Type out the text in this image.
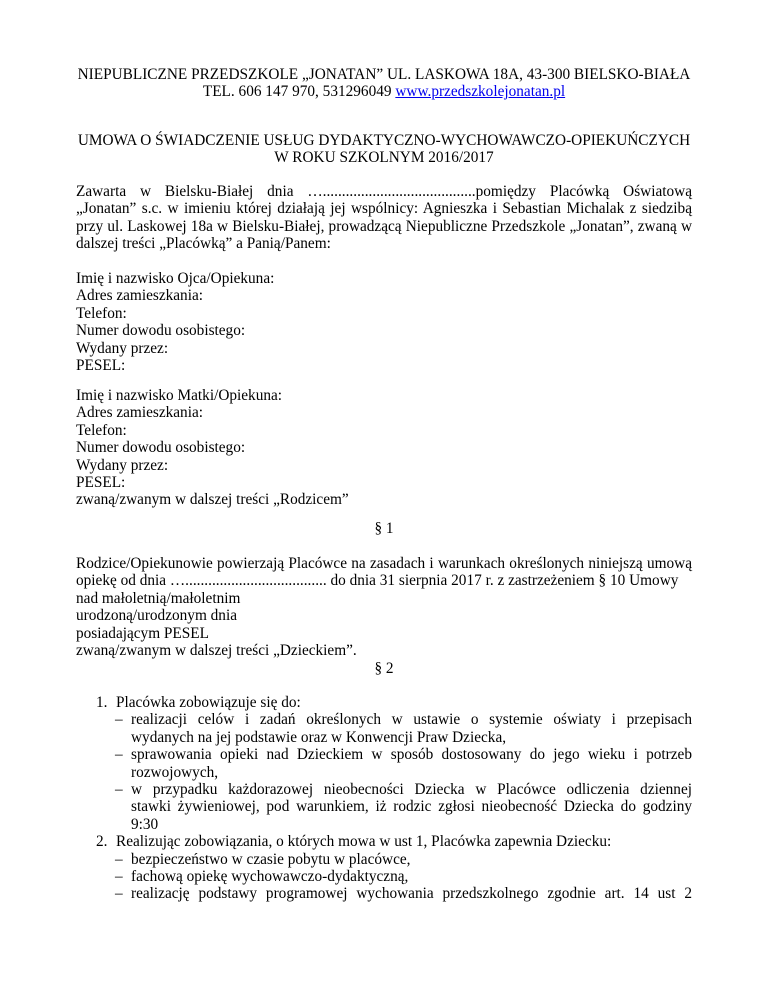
NIEPUBLICZNE PRZEDSZKOLE „JONATAN” UL. LASKOWA 18A, 43-300 BIELSKO-BIAŁA
TEL. 606 147 970, 531296049 www.przedszkolejonatan.pl
UMOWA O ŚWIADCZENIE USŁUG DYDAKTYCZNO-WYCHOWAWCZO-OPIEKUŃCZYCH
W ROKU SZKOLNYM 2016/2017
Zawarta w Bielsku-Białej dnia …........................................pomiędzy Placówką Oświatową
„Jonatan” s.c. w imieniu której działają jej wspólnicy: Agnieszka i Sebastian Michalak z siedzibą
przy ul. Laskowej 18a w Bielsku-Białej, prowadzącą Niepubliczne Przedszkole „Jonatan”, zwaną w
dalszej treści „Placówką” a Panią/Panem:
Imię i nazwisko Ojca/Opiekuna:
Adres zamieszkania:
Telefon:
Numer dowodu osobistego:
Wydany przez:
PESEL:
Imię i nazwisko Matki/Opiekuna:
Adres zamieszkania:
Telefon:
Numer dowodu osobistego:
Wydany przez:
PESEL:
zwaną/zwanym w dalszej treści „Rodzicem”
§ 1
Rodzice/Opiekunowie powierzają Placówce na zasadach i warunkach określonych niniejszą umową
opiekę od dnia …..................................... do dnia 31 sierpnia 2017 r. z zastrzeżeniem § 10 Umowy
nad małoletnią/małoletnim
urodzoną/urodzonym dnia
posiadającym PESEL
zwaną/zwanym w dalszej treści „Dzieckiem”.
§ 2
1. Placówka zobowiązuje się do:
– realizacji celów i zadań określonych w ustawie o systemie oświaty i przepisach
wydanych na jej podstawie oraz w Konwencji Praw Dziecka,
– sprawowania opieki nad Dzieckiem w sposób dostosowany do jego wieku i potrzeb
rozwojowych,
– w przypadku każdorazowej nieobecności Dziecka w Placówce odliczenia dziennej
stawki żywieniowej, pod warunkiem, iż rodzic zgłosi nieobecność Dziecka do godziny
9:30
2. Realizując zobowiązania, o których mowa w ust 1, Placówka zapewnia Dziecku:
– bezpieczeństwo w czasie pobytu w placówce,
– fachową opiekę wychowawczo-dydaktyczną,
– realizację podstawy programowej wychowania przedszkolnego zgodnie art. 14 ust 2
